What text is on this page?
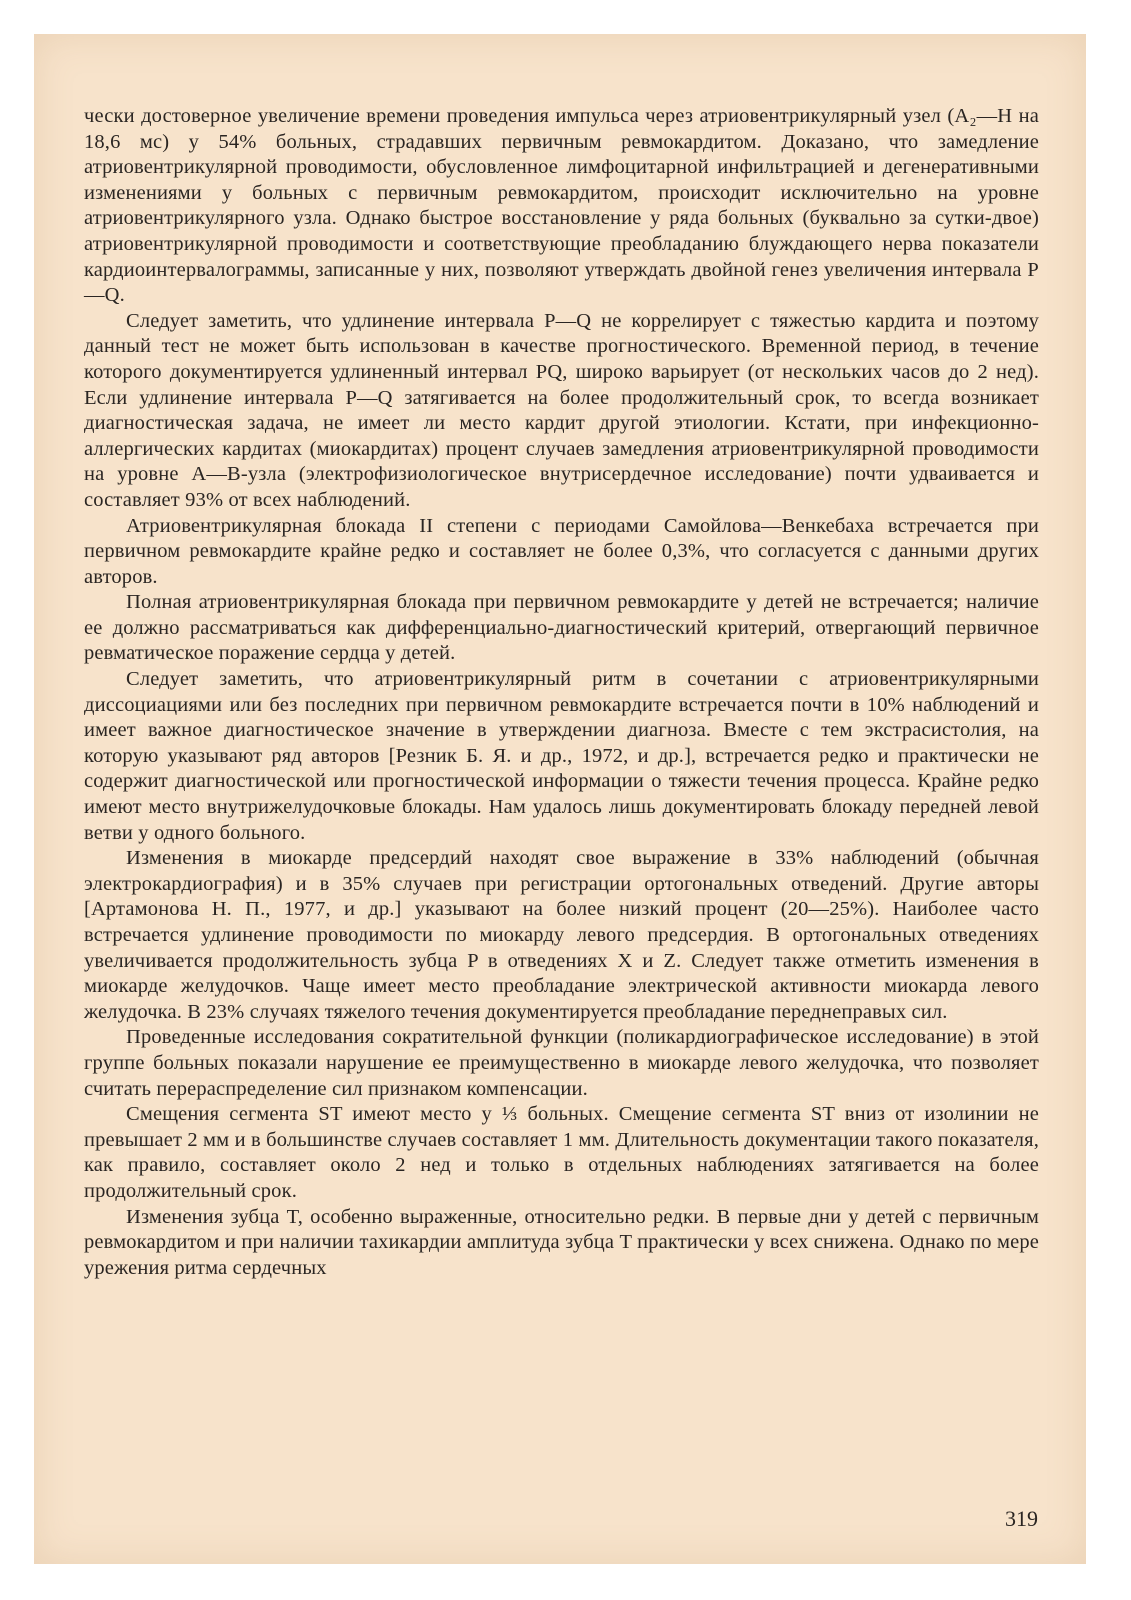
чески достоверное увеличение времени проведения импульса через атриовентрикулярный узел (A₂—H на 18,6 мс) у 54% больных, страдавших первичным ревмокардитом. Доказано, что замедление атриовентрикулярной проводимости, обусловленное лимфоцитарной инфильтрацией и дегенеративными изменениями у больных с первичным ревмокардитом, происходит исключительно на уровне атриовентрикулярного узла. Однако быстрое восстановление у ряда больных (буквально за сутки-двое) атриовентрикулярной проводимости и соответствующие преобладанию блуждающего нерва показатели кардиоинтервалограммы, записанные у них, позволяют утверждать двойной генез увеличения интервала P—Q.

Следует заметить, что удлинение интервала P—Q не коррелирует с тяжестью кардита и поэтому данный тест не может быть использован в качестве прогностического. Временной период, в течение которого документируется удлиненный интервал PQ, широко варьирует (от нескольких часов до 2 нед). Если удлинение интервала P—Q затягивается на более продолжительный срок, то всегда возникает диагностическая задача, не имеет ли место кардит другой этиологии. Кстати, при инфекционно-аллергических кардитах (миокардитах) процент случаев замедления атриовентрикулярной проводимости на уровне A—B-узла (электрофизиологическое внутрисердечное исследование) почти удваивается и составляет 93% от всех наблюдений.

Атриовентрикулярная блокада II степени с периодами Самойлова—Венкебаха встречается при первичном ревмокардите крайне редко и составляет не более 0,3%, что согласуется с данными других авторов.

Полная атриовентрикулярная блокада при первичном ревмокардите у детей не встречается; наличие ее должно рассматриваться как дифференциально-диагностический критерий, отвергающий первичное ревматическое поражение сердца у детей.

Следует заметить, что атриовентрикулярный ритм в сочетании с атриовентрикулярными диссоциациями или без последних при первичном ревмокардите встречается почти в 10% наблюдений и имеет важное диагностическое значение в утверждении диагноза. Вместе с тем экстрасистолия, на которую указывают ряд авторов [Резник Б. Я. и др., 1972, и др.], встречается редко и практически не содержит диагностической или прогностической информации о тяжести течения процесса. Крайне редко имеют место внутрижелудочковые блокады. Нам удалось лишь документировать блокаду передней левой ветви у одного больного.

Изменения в миокарде предсердий находят свое выражение в 33% наблюдений (обычная электрокардиография) и в 35% случаев при регистрации ортогональных отведений. Другие авторы [Артамонова Н. П., 1977, и др.] указывают на более низкий процент (20—25%). Наиболее часто встречается удлинение проводимости по миокарду левого предсердия. В ортогональных отведениях увеличивается продолжительность зубца P в отведениях X и Z. Следует также отметить изменения в миокарде желудочков. Чаще имеет место преобладание электрической активности миокарда левого желудочка. В 23% случаях тяжелого течения документируется преобладание переднеправых сил.

Проведенные исследования сократительной функции (поликардиографическое исследование) в этой группе больных показали нарушение ее преимущественно в миокарде левого желудочка, что позволяет считать перераспределение сил признаком компенсации.

Смещения сегмента ST имеют место у ⅓ больных. Смещение сегмента ST вниз от изолинии не превышает 2 мм и в большинстве случаев составляет 1 мм. Длительность документации такого показателя, как правило, составляет около 2 нед и только в отдельных наблюдениях затягивается на более продолжительный срок.

Изменения зубца T, особенно выраженные, относительно редки. В первые дни у детей с первичным ревмокардитом и при наличии тахикардии амплитуда зубца T практически у всех снижена. Однако по мере урежения ритма сердечных

319
